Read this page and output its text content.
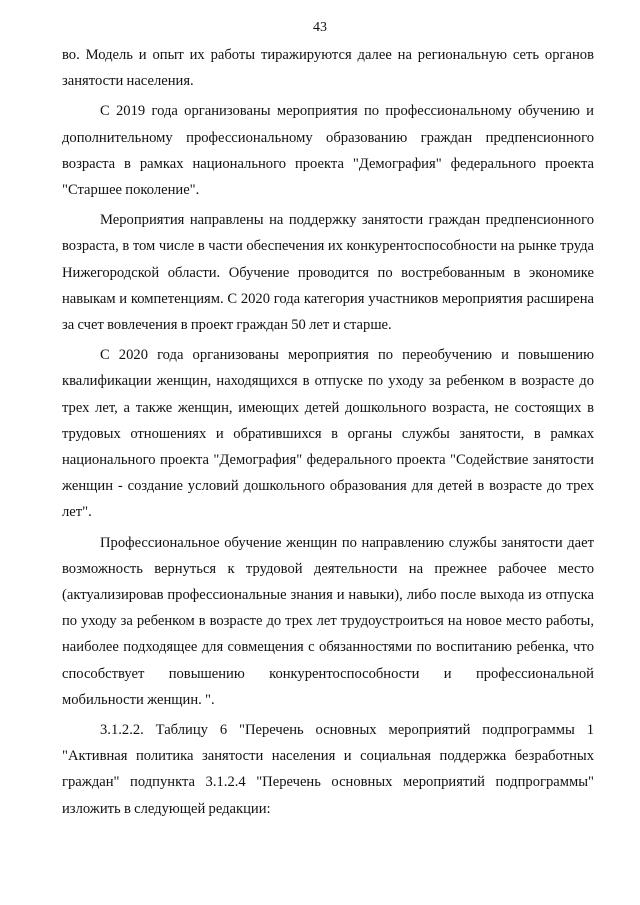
43

во. Модель и опыт их работы тиражируются далее на региональную сеть органов занятости населения.

С 2019 года организованы мероприятия по профессиональному обучению и дополнительному профессиональному образованию граждан предпенсионного возраста в рамках национального проекта "Демография" федерального проекта "Старшее поколение".

Мероприятия направлены на поддержку занятости граждан предпенсионного возраста, в том числе в части обеспечения их конкурентоспособности на рынке труда Нижегородской области. Обучение проводится по востребованным в экономике навыкам и компетенциям. С 2020 года категория участников мероприятия расширена за счет вовлечения в проект граждан 50 лет и старше.

С 2020 года организованы мероприятия по переобучению и повышению квалификации женщин, находящихся в отпуске по уходу за ребенком в возрасте до трех лет, а также женщин, имеющих детей дошкольного возраста, не состоящих в трудовых отношениях и обратившихся в органы службы занятости, в рамках национального проекта "Демография" федерального проекта "Содействие занятости женщин - создание условий дошкольного образования для детей в возрасте до трех лет".

Профессиональное обучение женщин по направлению службы занятости дает возможность вернуться к трудовой деятельности на прежнее рабочее место (актуализировав профессиональные знания и навыки), либо после выхода из отпуска по уходу за ребенком в возрасте до трех лет трудоустроиться на новое место работы, наиболее подходящее для совмещения с обязанностями по воспитанию ребенка, что способствует повышению конкурентоспособности и профессиональной мобильности женщин. ".

3.1.2.2. Таблицу 6 "Перечень основных мероприятий подпрограммы 1 "Активная политика занятости населения и социальная поддержка безработных граждан" подпункта 3.1.2.4 "Перечень основных мероприятий подпрограммы" изложить в следующей редакции:
